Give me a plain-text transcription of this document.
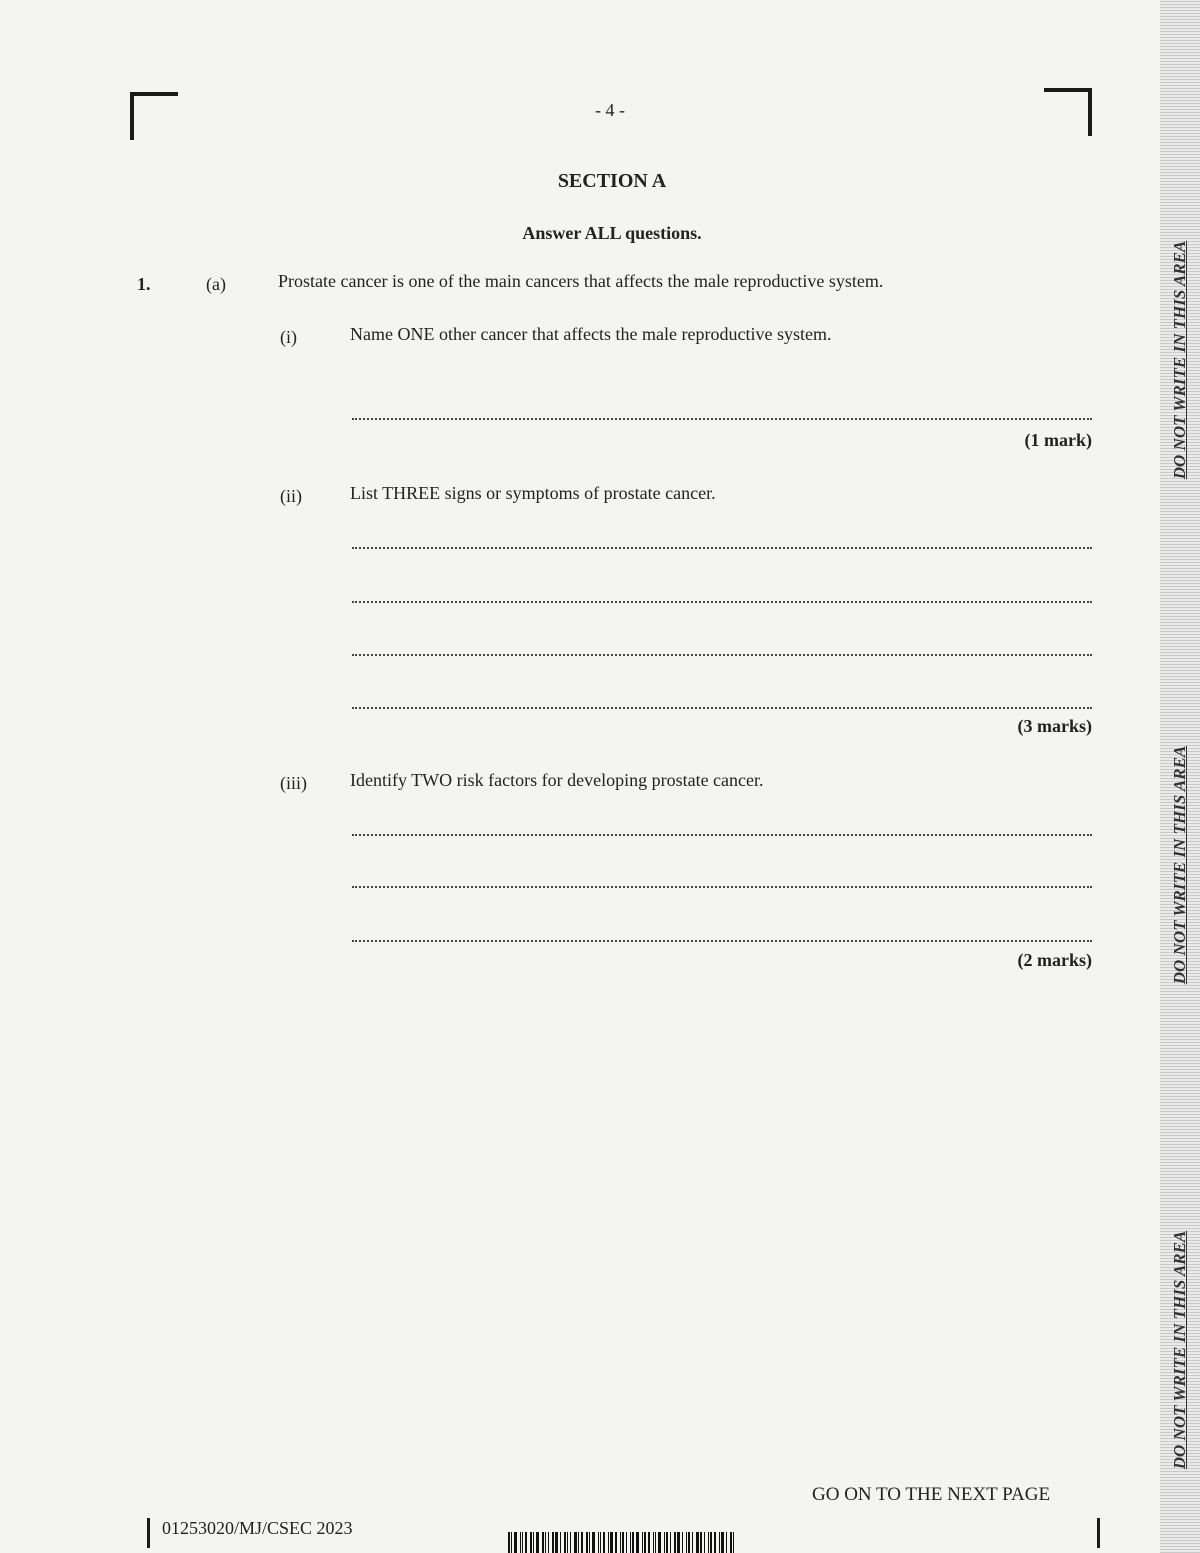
DO NOT WRITE IN THIS AREA
DO NOT WRITE IN THIS AREA
DO NOT WRITE IN THIS AREA
- 4 -
SECTION A
Answer ALL questions.
1.	(a)	Prostate cancer is one of the main cancers that affects the male reproductive system.
(i)	Name ONE other cancer that affects the male reproductive system.
(1 mark)
(ii)	List THREE signs or symptoms of prostate cancer.
(3 marks)
(iii) Identify TWO risk factors for developing prostate cancer.
(2 marks)
GO ON TO THE NEXT PAGE
01253020/MJ/CSEC 2023
